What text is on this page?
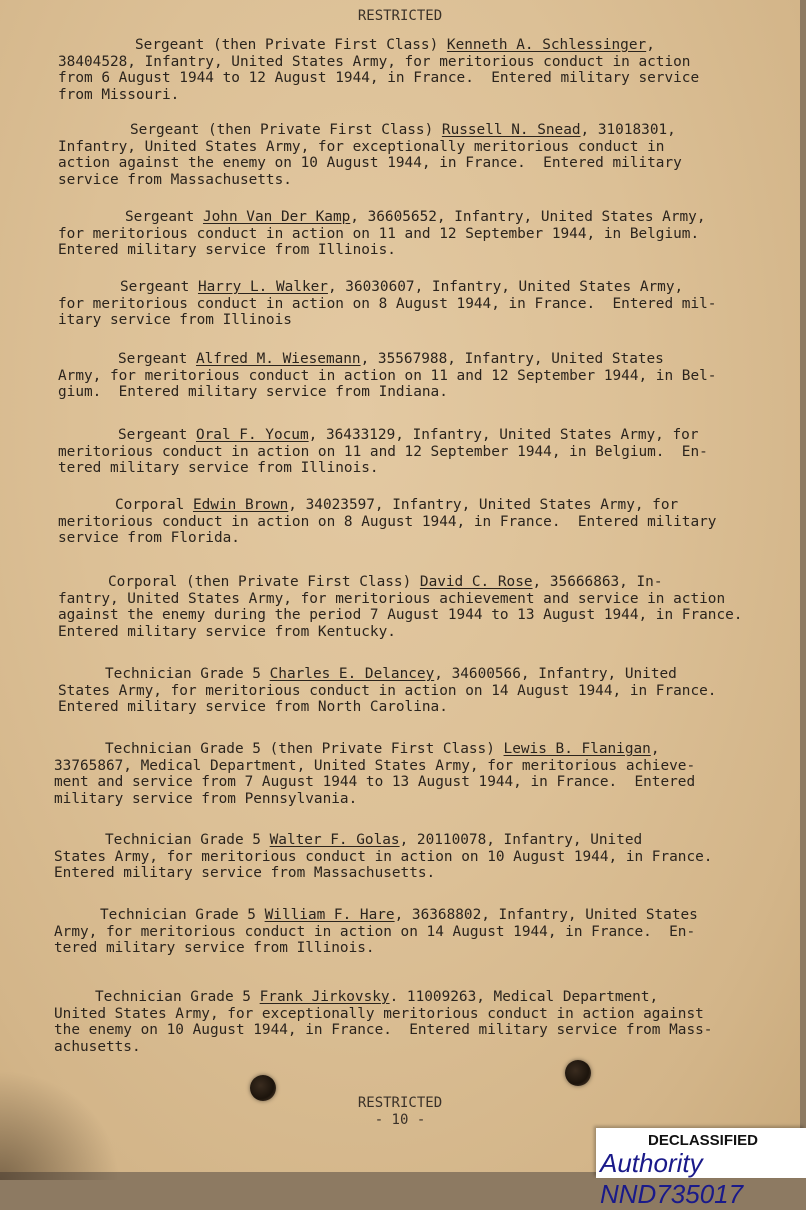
RESTRICTED
Sergeant (then Private First Class) Kenneth A. Schlessinger,
38404528, Infantry, United States Army, for meritorious conduct in action
from 6 August 1944 to 12 August 1944, in France.  Entered military service
from Missouri.
Sergeant (then Private First Class) Russell N. Snead, 31018301,
Infantry, United States Army, for exceptionally meritorious conduct in
action against the enemy on 10 August 1944, in France.  Entered military
service from Massachusetts.
Sergeant John Van Der Kamp, 36605652, Infantry, United States Army,
for meritorious conduct in action on 11 and 12 September 1944, in Belgium.
Entered military service from Illinois.
Sergeant Harry L. Walker, 36030607, Infantry, United States Army,
for meritorious conduct in action on 8 August 1944, in France.  Entered mil-
itary service from Illinois
Sergeant Alfred M. Wiesemann, 35567988, Infantry, United States
Army, for meritorious conduct in action on 11 and 12 September 1944, in Bel-
gium.  Entered military service from Indiana.
Sergeant Oral F. Yocum, 36433129, Infantry, United States Army, for
meritorious conduct in action on 11 and 12 September 1944, in Belgium.  En-
tered military service from Illinois.
Corporal Edwin Brown, 34023597, Infantry, United States Army, for
meritorious conduct in action on 8 August 1944, in France.  Entered military
service from Florida.
Corporal (then Private First Class) David C. Rose, 35666863, In-
fantry, United States Army, for meritorious achievement and service in action
against the enemy during the period 7 August 1944 to 13 August 1944, in France.
Entered military service from Kentucky.
Technician Grade 5 Charles E. Delancey, 34600566, Infantry, United
States Army, for meritorious conduct in action on 14 August 1944, in France.
Entered military service from North Carolina.
Technician Grade 5 (then Private First Class) Lewis B. Flanigan,
33765867, Medical Department, United States Army, for meritorious achieve-
ment and service from 7 August 1944 to 13 August 1944, in France.  Entered
military service from Pennsylvania.
Technician Grade 5 Walter F. Golas, 20110078, Infantry, United
States Army, for meritorious conduct in action on 10 August 1944, in France.
Entered military service from Massachusetts.
Technician Grade 5 William F. Hare, 36368802, Infantry, United States
Army, for meritorious conduct in action on 14 August 1944, in France.  En-
tered military service from Illinois.
Technician Grade 5 Frank Jirkovsky. 11009263, Medical Department,
United States Army, for exceptionally meritorious conduct in action against
the enemy on 10 August 1944, in France.  Entered military service from Mass-
achusetts.
RESTRICTED
- 10 -
DECLASSIFIED
Authority NND735017
